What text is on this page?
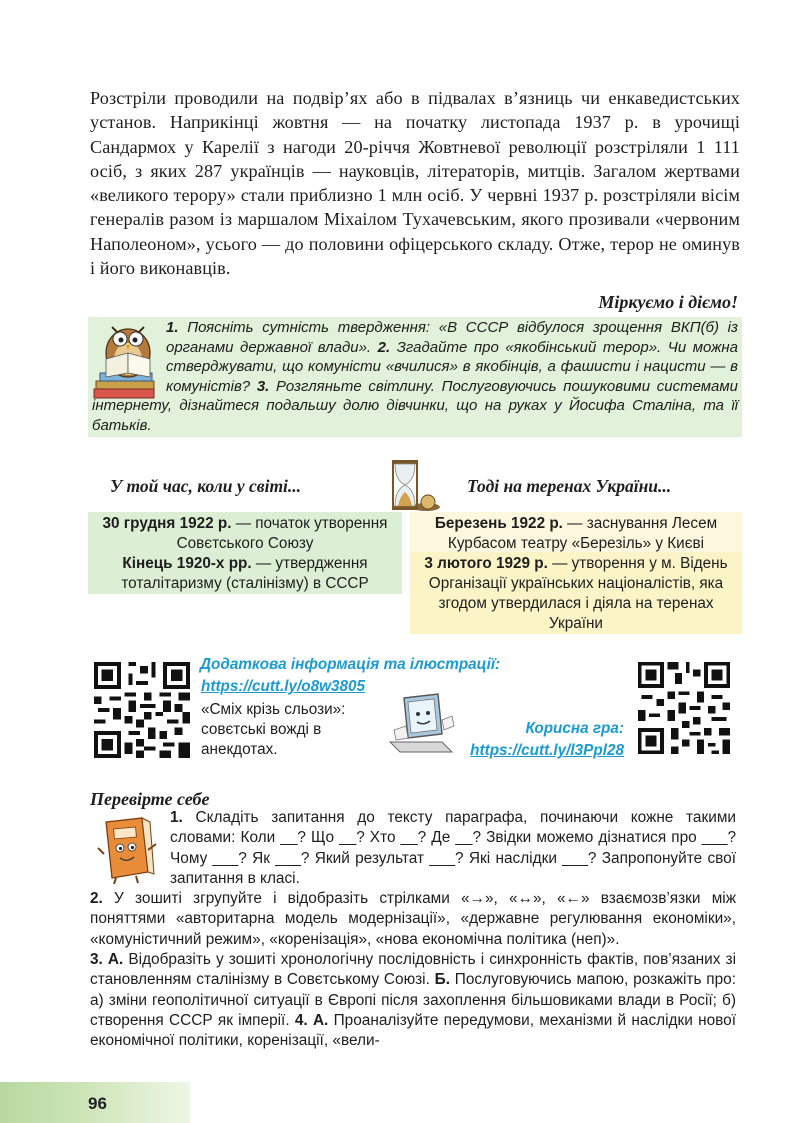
Розстріли проводили на подвір’ях або в підвалах в’язниць чи енкаведистських установ. Наприкінці жовтня — на початку листопада 1937 р. в урочищі Сандармох у Карелії з нагоди 20-річчя Жовтневої революції розстріляли 1 111 осіб, з яких 287 українців — науковців, літераторів, митців. Загалом жертвами «великого терору» стали приблизно 1 млн осіб. У червні 1937 р. розстріляли вісім генералів разом із маршалом Міхаілом Тухачевським, якого прозивали «червоним Наполеоном», усього — до половини офіцерського складу. Отже, терор не оминув і його виконавців.

Міркуємо і діємо!
1. Поясніть сутність твердження: «В СССР відбулося зрощення ВКП(б) із органами державної влади». 2. Згадайте про «якобінський терор». Чи можна стверджувати, що комуністи «вчилися» в якобінців, а фашисти і нацисти — в комуністів? 3. Розгляньте світлину. Послуговуючись пошуковими системами інтернету, дізнайтеся подальшу долю дівчинки, що на руках у Йосифа Сталіна, та її батьків.
У той час, коли у світі...	Тоді на теренах України...
30 грудня 1922 р. — початок утворення Совєтського Союзу
Кінець 1920-х рр. — утвердження тоталітаризму (сталінізму) в СССР
Березень 1922 р. — заснування Лесем Курбасом театру «Березіль» у Києві
3 лютого 1929 р. — утворення у м. Відень Організації українських націоналістів, яка згодом утвердилася і діяла на теренах України
Додаткова інформація та ілюстрації:
https://cutt.ly/o8w3805
«Сміх крізь сльози»: совєтські вожді в анекдотах.
Корисна гра:
https://cutt.ly/l3Ppl28
Перевірте себе
1. Складіть запитання до тексту параграфа, починаючи кожне такими словами: Коли __? Що __? Хто __? Де __? Звідки можемо дізнатися про ___? Чому ___? Як ___? Який результат ___? Які наслідки ___? Запропонуйте свої запитання в класі.
2. У зошиті згрупуйте і відобразіть стрілками «→», «↔», «←» взаємозв’язки між поняттями «авторитарна модель модернізації», «державне регулювання економіки», «комуністичний режим», «коренізація», «нова економічна політика (неп)».
3. А. Відобразіть у зошиті хронологічну послідовність і синхронність фактів, пов’язаних зі становленням сталінізму в Совєтському Союзі. Б. Послуговуючись мапою, розкажіть про: а) зміни геополітичної ситуації в Європі після захоплення більшовиками влади в Росії; б) створення СССР як імперії. 4. А. Проаналізуйте передумови, механізми й наслідки нової економічної політики, коренізації, «вели-
96
